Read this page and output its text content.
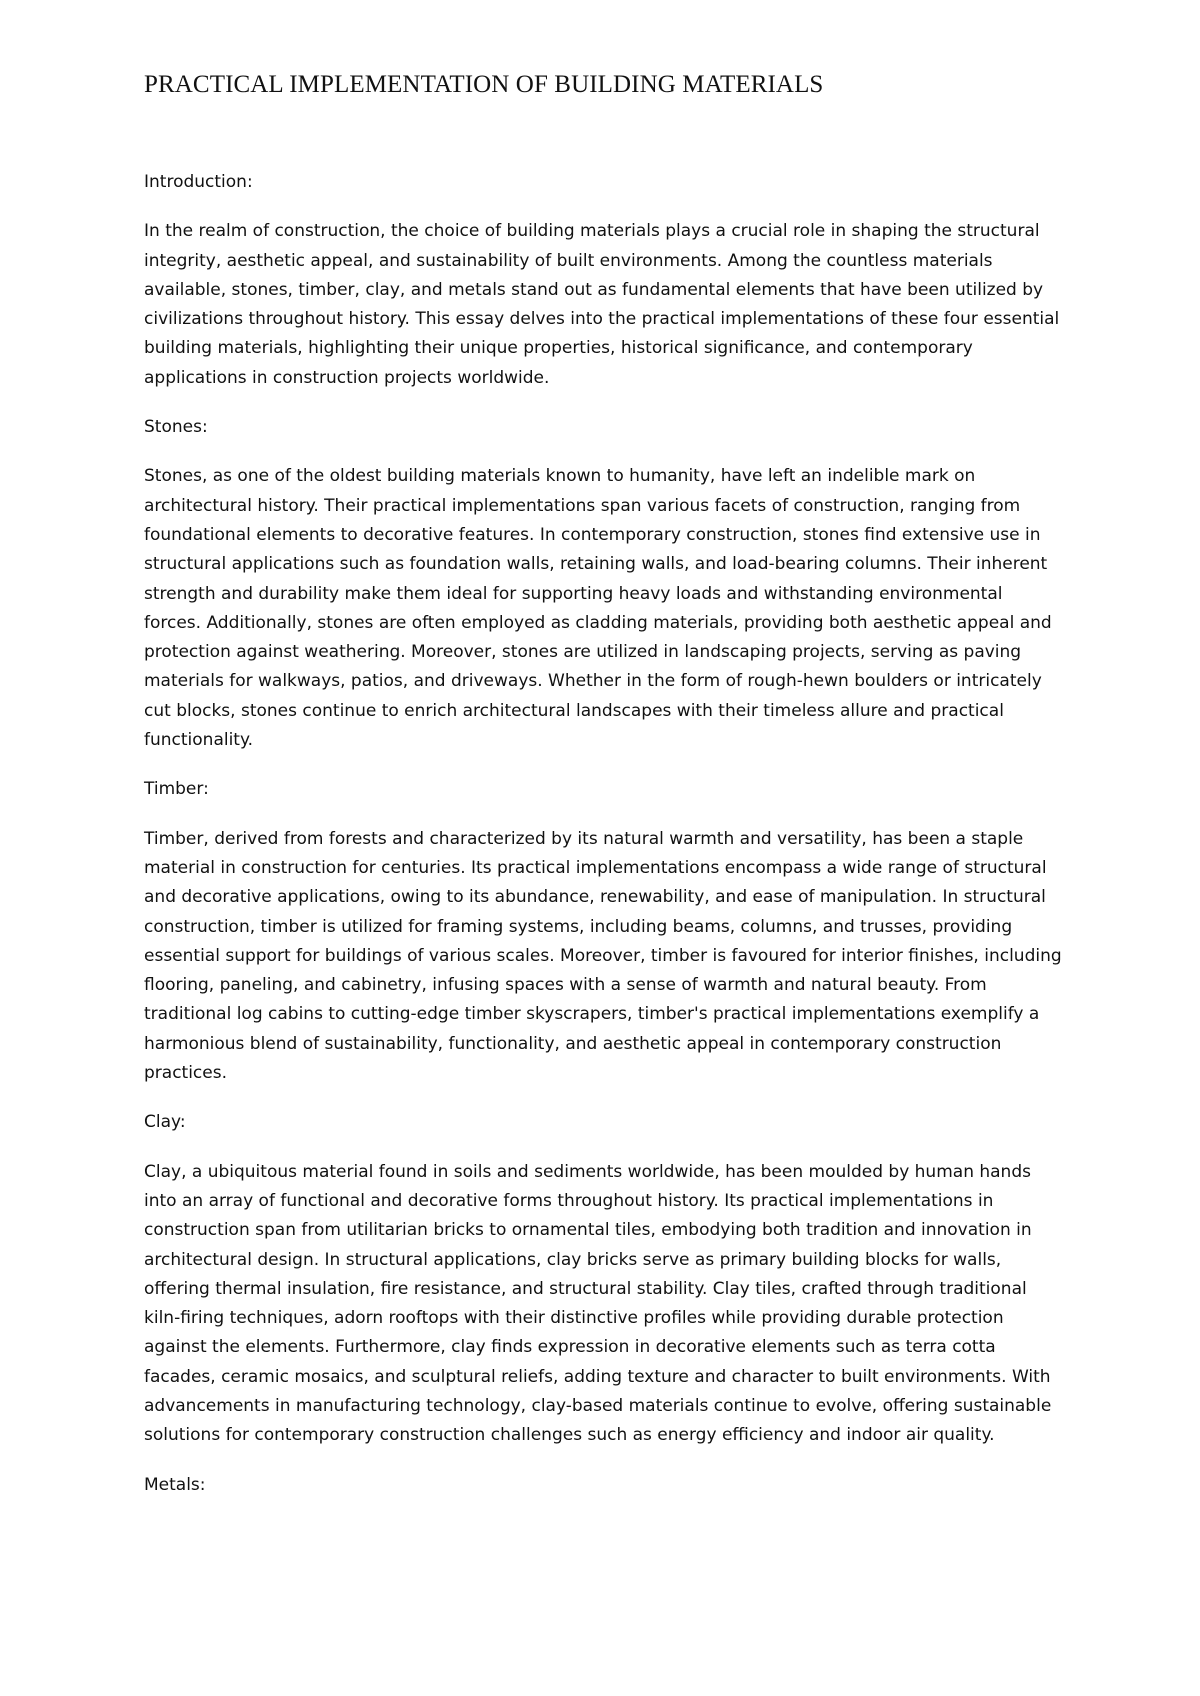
PRACTICAL IMPLEMENTATION OF BUILDING MATERIALS

Introduction:

In the realm of construction, the choice of building materials plays a crucial role in shaping the structural integrity, aesthetic appeal, and sustainability of built environments. Among the countless materials available, stones, timber, clay, and metals stand out as fundamental elements that have been utilized by civilizations throughout history. This essay delves into the practical implementations of these four essential building materials, highlighting their unique properties, historical significance, and contemporary applications in construction projects worldwide.

Stones:

Stones, as one of the oldest building materials known to humanity, have left an indelible mark on architectural history. Their practical implementations span various facets of construction, ranging from foundational elements to decorative features. In contemporary construction, stones find extensive use in structural applications such as foundation walls, retaining walls, and load-bearing columns. Their inherent strength and durability make them ideal for supporting heavy loads and withstanding environmental forces. Additionally, stones are often employed as cladding materials, providing both aesthetic appeal and protection against weathering. Moreover, stones are utilized in landscaping projects, serving as paving materials for walkways, patios, and driveways. Whether in the form of rough-hewn boulders or intricately cut blocks, stones continue to enrich architectural landscapes with their timeless allure and practical functionality.

Timber:

Timber, derived from forests and characterized by its natural warmth and versatility, has been a staple material in construction for centuries. Its practical implementations encompass a wide range of structural and decorative applications, owing to its abundance, renewability, and ease of manipulation. In structural construction, timber is utilized for framing systems, including beams, columns, and trusses, providing essential support for buildings of various scales. Moreover, timber is favoured for interior finishes, including flooring, paneling, and cabinetry, infusing spaces with a sense of warmth and natural beauty. From traditional log cabins to cutting-edge timber skyscrapers, timber's practical implementations exemplify a harmonious blend of sustainability, functionality, and aesthetic appeal in contemporary construction practices.

Clay:

Clay, a ubiquitous material found in soils and sediments worldwide, has been moulded by human hands into an array of functional and decorative forms throughout history. Its practical implementations in construction span from utilitarian bricks to ornamental tiles, embodying both tradition and innovation in architectural design. In structural applications, clay bricks serve as primary building blocks for walls, offering thermal insulation, fire resistance, and structural stability. Clay tiles, crafted through traditional kiln-firing techniques, adorn rooftops with their distinctive profiles while providing durable protection against the elements. Furthermore, clay finds expression in decorative elements such as terra cotta facades, ceramic mosaics, and sculptural reliefs, adding texture and character to built environments. With advancements in manufacturing technology, clay-based materials continue to evolve, offering sustainable solutions for contemporary construction challenges such as energy efficiency and indoor air quality.

Metals:
